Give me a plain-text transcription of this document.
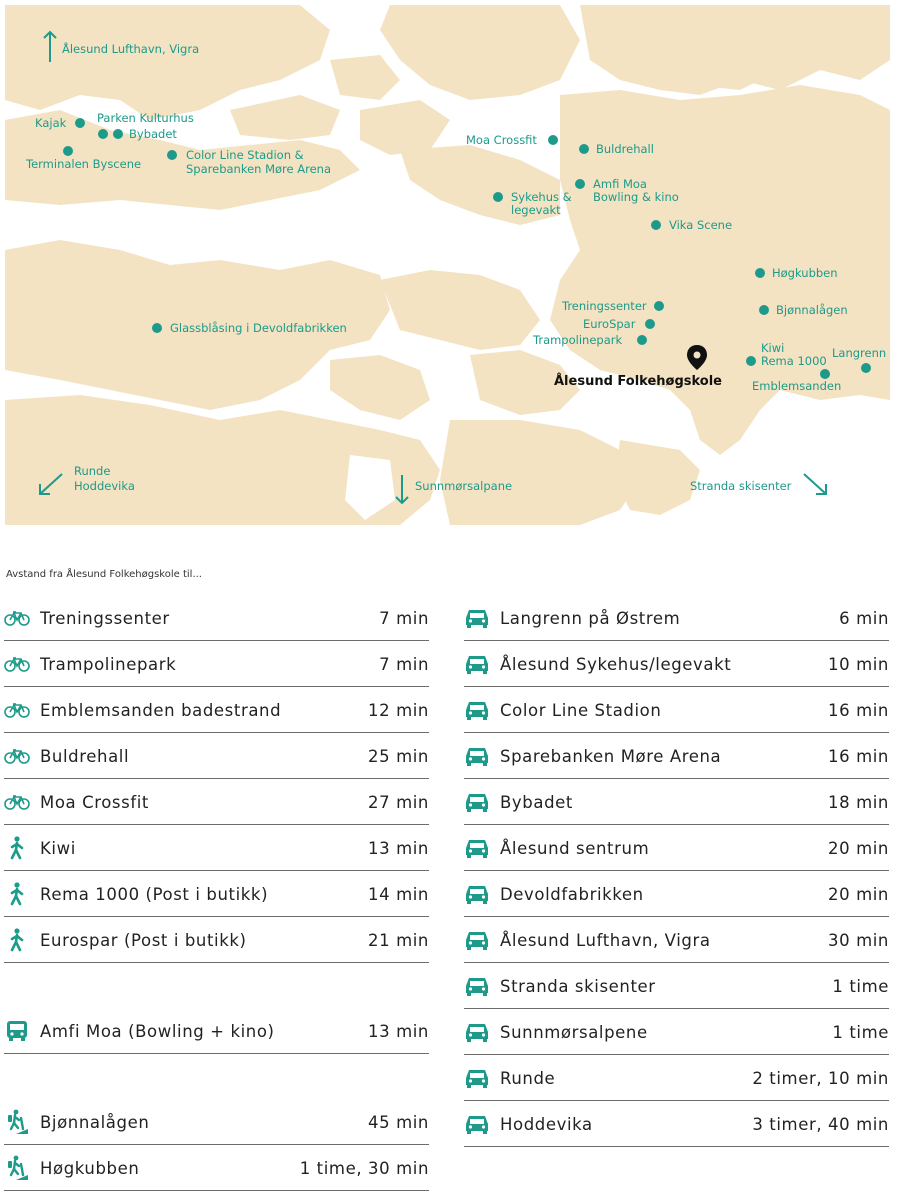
Ålesund Lufthavn, Vigra
Runde
Hoddevika	Sunnmørsalpane	Stranda skisenter
Kajak	Parken Kulturhus
Bybadet
Terminalen Byscene
Color Line Stadion &
Sparebanken Møre Arena
Moa Crossfit
Buldrehall
Amfi Moa
Bowling & kino
Sykehus &
legevakt
Vika Scene
Høgkubben
Bjønnalågen
Glassblåsing i Devoldfabrikken
Treningssenter
EuroSpar
Trampolinepark
Kiwi
Rema 1000
Langrenn
Emblemsanden
Ålesund Folkehøgskole
Avstand fra Ålesund Folkehøgskole til...
Treningssenter	7 min
Trampolinepark	7 min
Emblemsanden badestrand	12 min
Buldrehall	25 min
Moa Crossfit	27 min
Kiwi	13 min
Rema 1000 (Post i butikk)	14 min
Eurospar (Post i butikk)	21 min
Amfi Moa (Bowling + kino)	13 min
Bjønnalågen	45 min
Høgkubben	1 time, 30 min
Langrenn på Østrem	6 min
Ålesund Sykehus/legevakt	10 min
Color Line Stadion	16 min
Sparebanken Møre Arena	16 min
Bybadet	18 min
Ålesund sentrum	20 min
Devoldfabrikken	20 min
Ålesund Lufthavn, Vigra	30 min
Stranda skisenter	1 time
Sunnmørsalpene	1 time
Runde	2 timer, 10 min
Hoddevika	3 timer, 40 min
